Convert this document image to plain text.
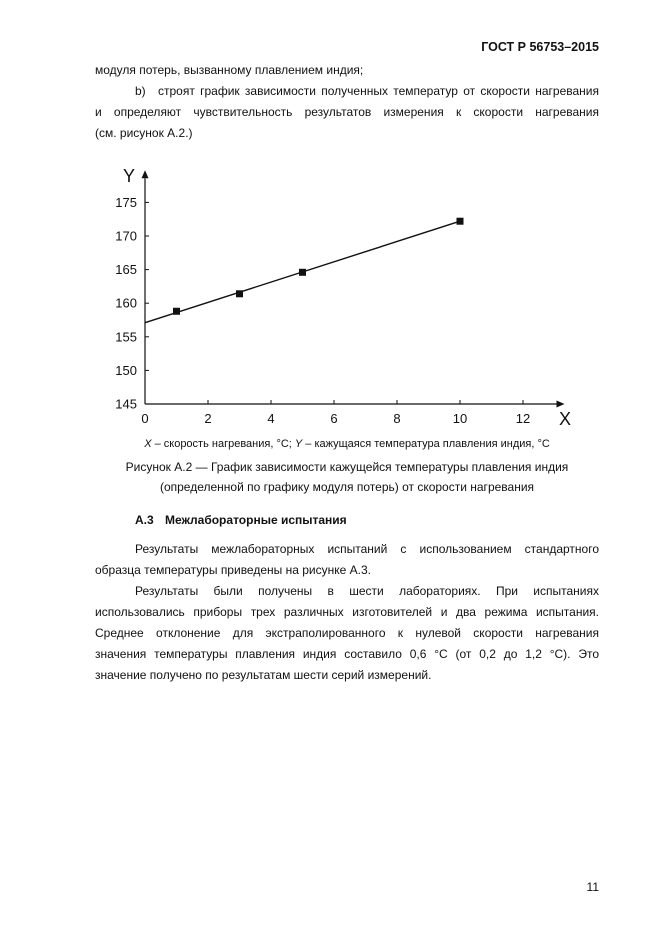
ГОСТ Р 56753–2015
модуля потерь, вызванному плавлением индия;
b) строят график зависимости полученных температур от скорости нагревания
и определяют чувствительность результатов измерения к скорости нагревания
(см. рисунок А.2.)
145
150
155
160
165
170
175
0	2	4	6	8	10	12
Y
X
X – скорость нагревания, °С; Y – кажущаяся температура плавления индия, °С
Рисунок А.2 — График зависимости кажущейся температуры плавления индия
(определенной по графику модуля потерь) от скорости нагревания
А.3 Межлабораторные испытания
Результаты межлабораторных испытаний с использованием стандартного
образца температуры приведены на рисунке А.3.
Результаты были получены в шести лабораториях. При испытаниях
использовались приборы трех различных изготовителей и два режима испытания.
Среднее отклонение для экстраполированного к нулевой скорости нагревания
значения температуры плавления индия составило 0,6 °С (от 0,2 до 1,2 °С). Это
значение получено по результатам шести серий измерений.
11
